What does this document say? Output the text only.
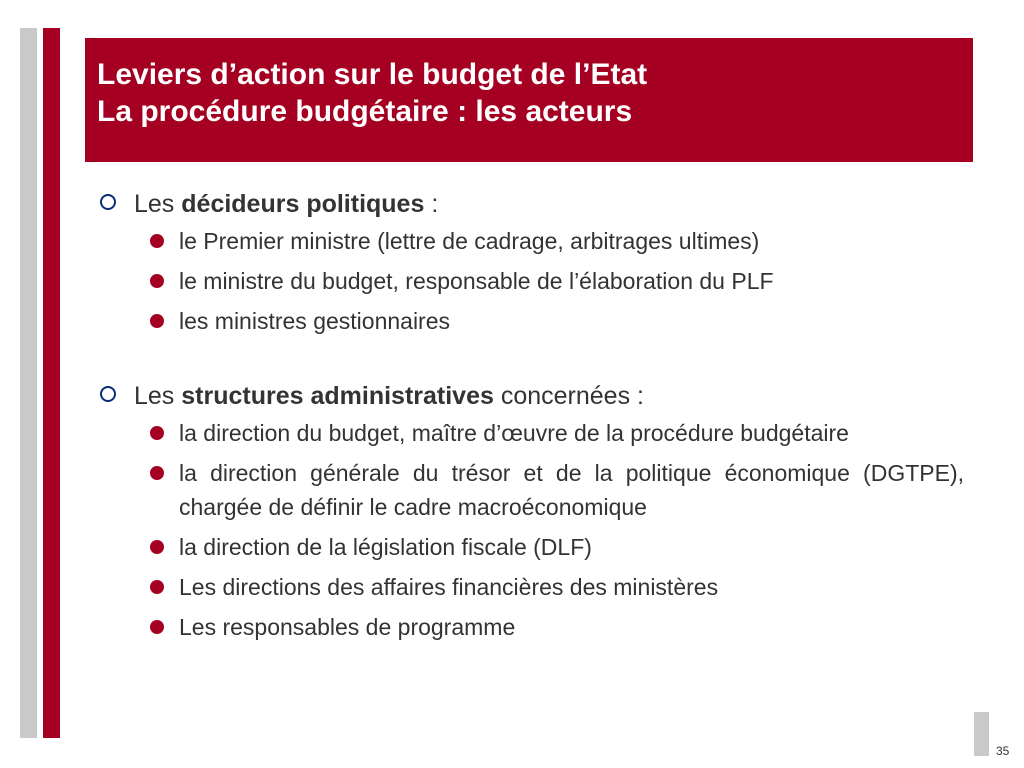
Leviers d’action sur le budget de l’Etat
La procédure budgétaire : les acteurs
Les décideurs politiques :
le Premier ministre (lettre de cadrage, arbitrages ultimes)
le ministre du budget, responsable de l’élaboration du PLF
les ministres gestionnaires
Les structures administratives concernées :
la direction du budget, maître d’œuvre de la procédure budgétaire
la direction générale du trésor et de la politique économique (DGTPE), chargée de définir le cadre macroéconomique
la direction de la législation fiscale (DLF)
Les directions des affaires financières des ministères
Les responsables de programme
35
